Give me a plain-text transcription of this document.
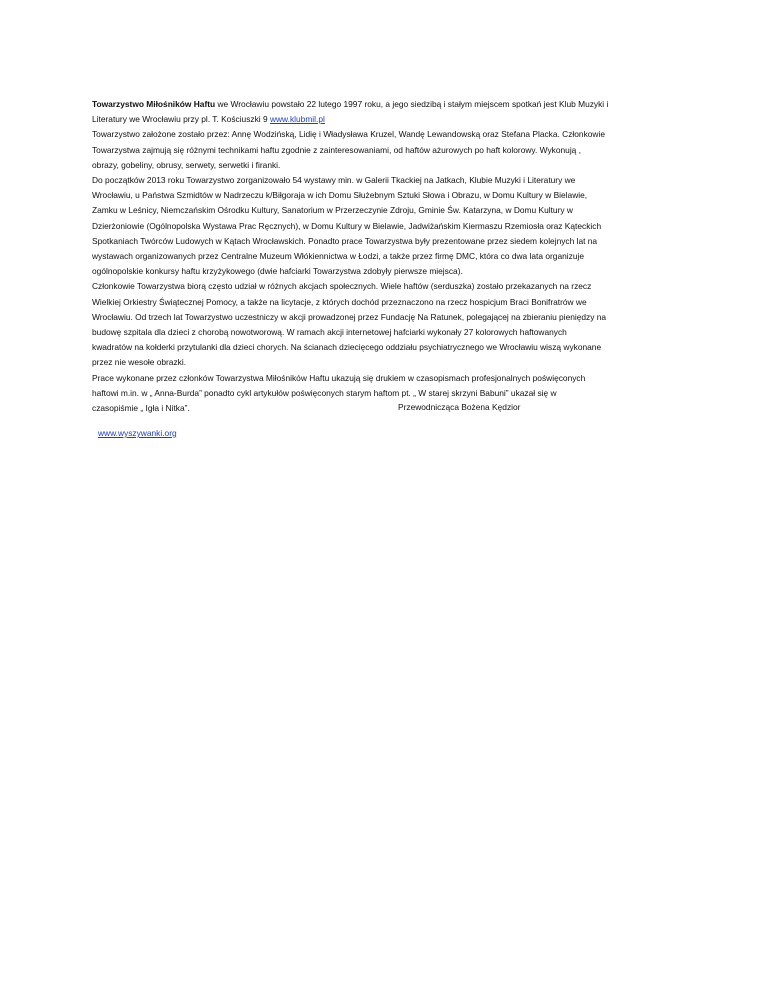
Towarzystwo Miłośników Haftu we Wrocławiu powstało 22 lutego 1997 roku, a jego siedzibą i stałym miejscem spotkań jest Klub Muzyki i
Literatury we Wrocławiu przy pl. T. Kościuszki 9 www.klubmil.pl
Towarzystwo założone zostało przez: Annę Wodzińską, Lidię i Władysława Kruzel, Wandę Lewandowską oraz Stefana Placka. Członkowie
Towarzystwa zajmują się różnymi technikami haftu zgodnie z zainteresowaniami, od haftów ażurowych po haft kolorowy. Wykonują ,
obrazy, gobeliny, obrusy, serwety, serwetki i firanki.
Do początków 2013 roku Towarzystwo zorganizowało 54 wystawy min. w Galerii Tkackiej na Jatkach, Klubie Muzyki i Literatury we
Wrocławiu, u Państwa Szmidtów w Nadrzeczu k/Biłgoraja w ich Domu Służebnym Sztuki Słowa i Obrazu, w Domu Kultury w Bielawie,
Zamku w Leśnicy, Niemczańskim Ośrodku Kultury, Sanatorium w Przerzeczynie Zdroju, Gminie Św. Katarzyna, w Domu Kultury w
Dzierżoniowie (Ogólnopolska Wystawa Prac Ręcznych), w Domu Kultury w Bielawie, Jadwiżańskim Kiermaszu Rzemiosła oraz Kąteckich
Spotkaniach Twórców Ludowych w Kątach Wrocławskich. Ponadto prace Towarzystwa były prezentowane przez siedem kolejnych lat na
wystawach organizowanych przez Centralne Muzeum Włókiennictwa w Łodzi, a także przez firmę DMC, która co dwa lata organizuje
ogólnopolskie konkursy haftu krzyżykowego (dwie hafciarki Towarzystwa zdobyły pierwsze miejsca).
Członkowie Towarzystwa biorą często udział w różnych akcjach społecznych. Wiele haftów (serduszka) zostało przekazanych na rzecz
Wielkiej Orkiestry Świątecznej Pomocy, a także na licytacje, z których dochód przeznaczono na rzecz hospicjum Braci Bonifratrów we
Wrocławiu. Od trzech lat Towarzystwo uczestniczy w akcji prowadzonej przez Fundację Na Ratunek, polegającej na zbieraniu pieniędzy na
budowę szpitala dla dzieci z chorobą nowotworową. W ramach akcji internetowej hafciarki wykonały 27 kolorowych haftowanych
kwadratów na kołderki przytulanki dla dzieci chorych. Na ścianach dziecięcego oddziału psychiatrycznego we Wrocławiu wiszą wykonane
przez nie wesołe obrazki.
Prace wykonane przez członków Towarzystwa Miłośników Haftu ukazują się drukiem w czasopismach profesjonalnych poświęconych
haftowi m.in. w „ Anna-Burda” ponadto cykl artykułów poświęconych starym haftom pt. „ W starej skrzyni Babuni” ukazał się w
czasopiśmie „ Igła i Nitka”.	Przewodnicząca Bożena Kędzior
www.wyszywanki.org
